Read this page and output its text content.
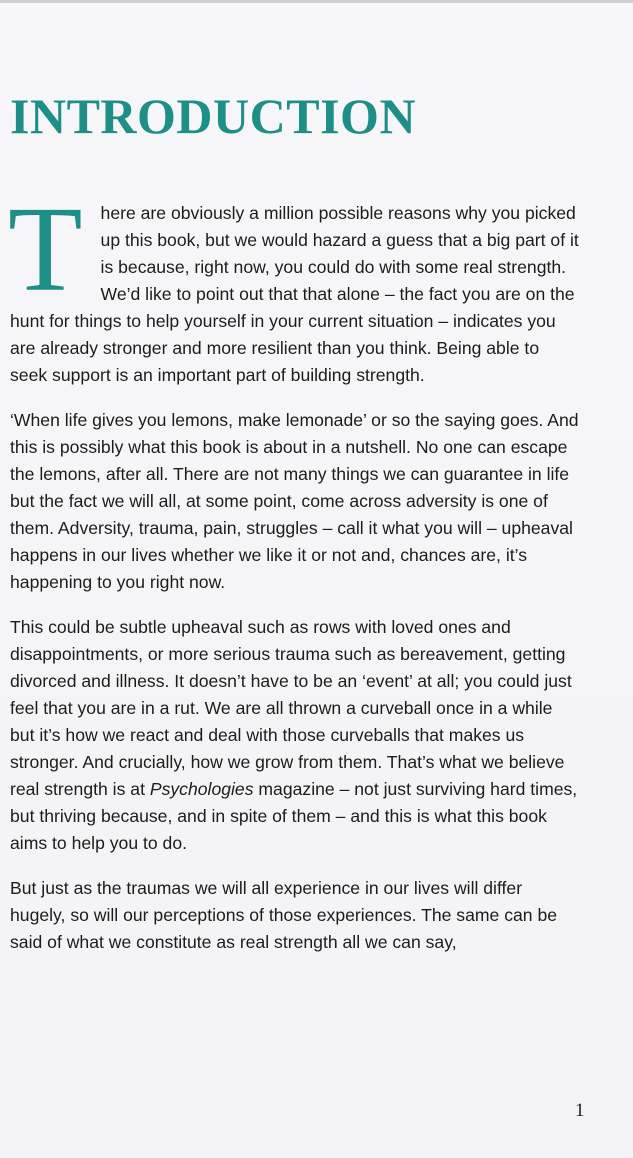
INTRODUCTION

T here are obviously a million possible reasons why you picked up this book, but we would hazard a guess that a big part of it is because, right now, you could do with some real strength. We’d like to point out that that alone – the fact you are on the hunt for things to help yourself in your current situation – indicates you are already stronger and more resilient than you think. Being able to seek support is an important part of building strength.

‘When life gives you lemons, make lemonade’ or so the saying goes. And this is possibly what this book is about in a nutshell. No one can escape the lemons, after all. There are not many things we can guarantee in life but the fact we will all, at some point, come across adversity is one of them. Adversity, trauma, pain, struggles – call it what you will – upheaval happens in our lives whether we like it or not and, chances are, it’s happening to you right now.

This could be subtle upheaval such as rows with loved ones and disappointments, or more serious trauma such as bereavement, getting divorced and illness. It doesn’t have to be an ‘event’ at all; you could just feel that you are in a rut. We are all thrown a curveball once in a while but it’s how we react and deal with those curveballs that makes us stronger. And crucially, how we grow from them. That’s what we believe real strength is at Psychologies magazine – not just surviving hard times, but thriving because, and in spite of them – and this is what this book aims to help you to do.

But just as the traumas we will all experience in our lives will differ hugely, so will our perceptions of those experiences. The same can be said of what we constitute as real strength all we can say,

1
